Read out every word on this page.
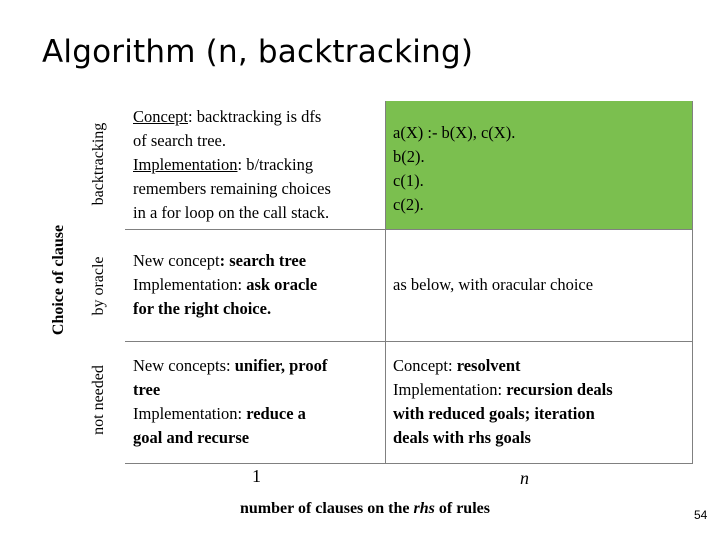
Algorithm (n, backtracking)
Choice of clause
backtracking
by oracle
not needed
a(X) :- b(X), c(X).
b(2).
c(1).
c(2).
Concept: backtracking is dfs
of search tree.
Implementation: b/tracking
remembers remaining choices
in a for loop on the call stack.
New concept: search tree
Implementation: ask oracle
for the right choice.
as below, with oracular choice
New concepts: unifier, proof
tree
Implementation: reduce a
goal and recurse
Concept: resolvent
Implementation: recursion deals
with reduced goals; iteration
deals with rhs goals
1	n
number of clauses on the rhs of rules	54
